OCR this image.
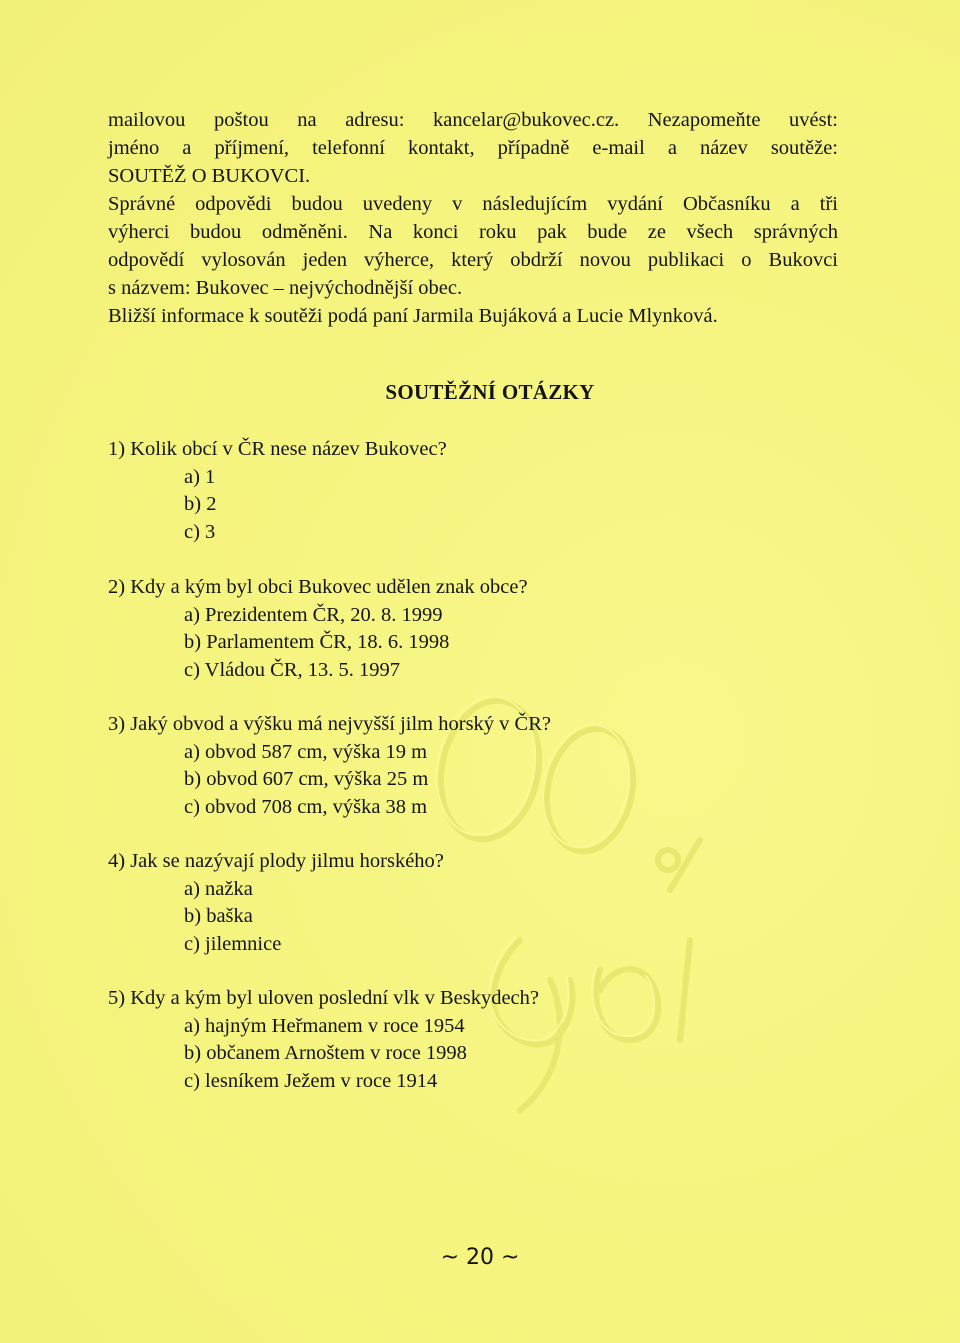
mailovou poštou na adresu: kancelar@bukovec.cz. Nezapomeňte uvést:

jméno a příjmení, telefonní kontakt, případně e-mail a název soutěže:

SOUTĚŽ O BUKOVCI.

Správné odpovědi budou uvedeny v následujícím vydání Občasníku a tři

výherci budou odměněni. Na konci roku pak bude ze všech správných

odpovědí vylosován jeden výherce, který obdrží novou publikaci o Bukovci

s názvem: Bukovec – nejvýchodnější obec.

Bližší informace k soutěži podá paní Jarmila Bujáková a Lucie Mlynková.

SOUTĚŽNÍ OTÁZKY

1) Kolik obcí v ČR nese název Bukovec?

a) 1
b) 2
c) 3

2) Kdy a kým byl obci Bukovec udělen znak obce?

a) Prezidentem ČR, 20. 8. 1999
b) Parlamentem ČR, 18. 6. 1998
c) Vládou ČR, 13. 5. 1997

3) Jaký obvod a výšku má nejvyšší jilm horský v ČR?

a) obvod 587 cm, výška 19 m
b) obvod 607 cm, výška 25 m
c) obvod 708 cm, výška 38 m

4) Jak se nazývají plody jilmu horského?

a) nažka
b) baška
c) jilemnice

5) Kdy a kým byl uloven poslední vlk v Beskydech?

a) hajným Heřmanem v roce 1954
b) občanem Arnoštem v roce 1998
c) lesníkem Ježem v roce 1914
~ 20 ~
